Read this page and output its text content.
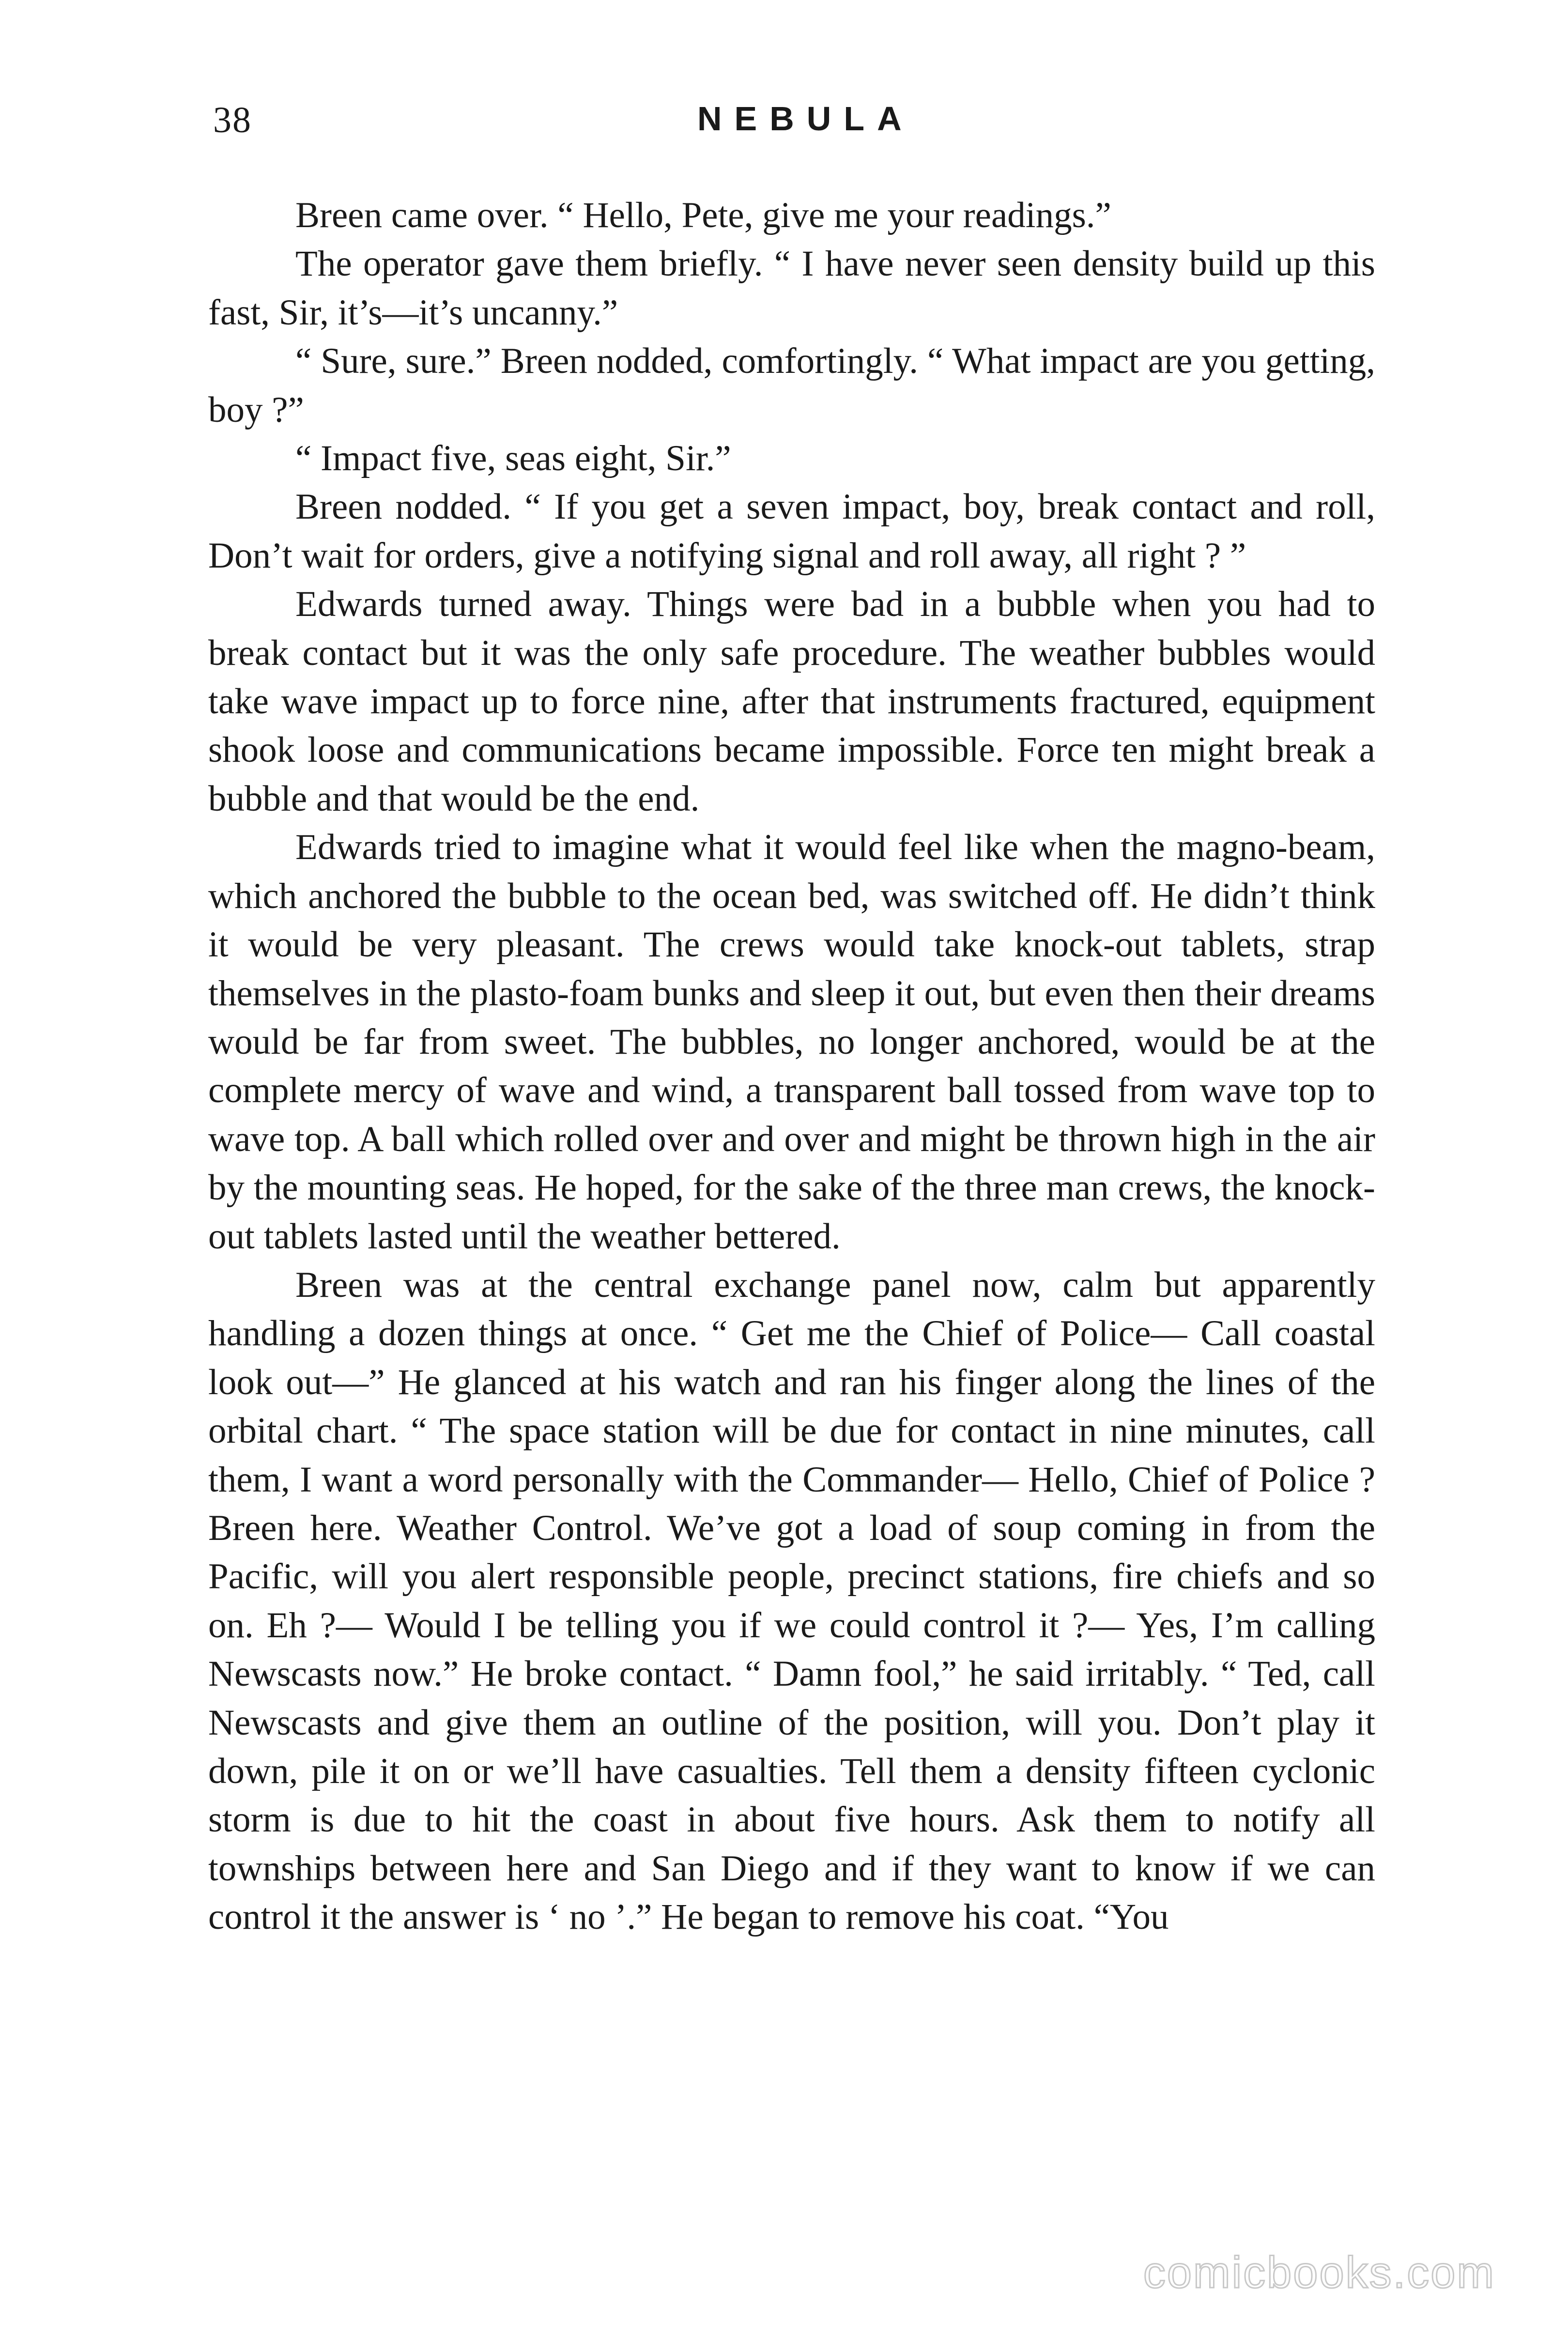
38	NEBULA

Breen came over. “ Hello, Pete, give me your readings.”

The operator gave them briefly. “ I have never seen density build up this fast, Sir, it’s—it’s uncanny.”

“ Sure, sure.” Breen nodded, comfortingly. “ What impact are you getting, boy ?”

“ Impact five, seas eight, Sir.”

Breen nodded. “ If you get a seven impact, boy, break contact and roll, Don’t wait for orders, give a notifying signal and roll away, all right ? ”

Edwards turned away. Things were bad in a bubble when you had to break contact but it was the only safe procedure. The weather bubbles would take wave impact up to force nine, after that instruments fractured, equipment shook loose and communications became impossible. Force ten might break a bubble and that would be the end.

Edwards tried to imagine what it would feel like when the magno-beam, which anchored the bubble to the ocean bed, was switched off. He didn’t think it would be very pleasant. The crews would take knock-out tablets, strap themselves in the plasto-foam bunks and sleep it out, but even then their dreams would be far from sweet. The bubbles, no longer anchored, would be at the complete mercy of wave and wind, a transparent ball tossed from wave top to wave top. A ball which rolled over and over and might be thrown high in the air by the mounting seas. He hoped, for the sake of the three man crews, the knock-out tablets lasted until the weather bettered.

Breen was at the central exchange panel now, calm but apparently handling a dozen things at once. “ Get me the Chief of Police— Call coastal look out—” He glanced at his watch and ran his finger along the lines of the orbital chart. “ The space station will be due for contact in nine minutes, call them, I want a word personally with the Commander— Hello, Chief of Police ? Breen here. Weather Control. We’ve got a load of soup coming in from the Pacific, will you alert responsible people, precinct stations, fire chiefs and so on. Eh ?— Would I be telling you if we could control it ?— Yes, I’m calling Newscasts now.” He broke contact. “ Damn fool,” he said irritably. “ Ted, call Newscasts and give them an outline of the position, will you. Don’t play it down, pile it on or we’ll have casualties. Tell them a density fifteen cyclonic storm is due to hit the coast in about five hours. Ask them to notify all townships between here and San Diego and if they want to know if we can control it the answer is ‘ no ’.” He began to remove his coat. “You

comicbooks.com
